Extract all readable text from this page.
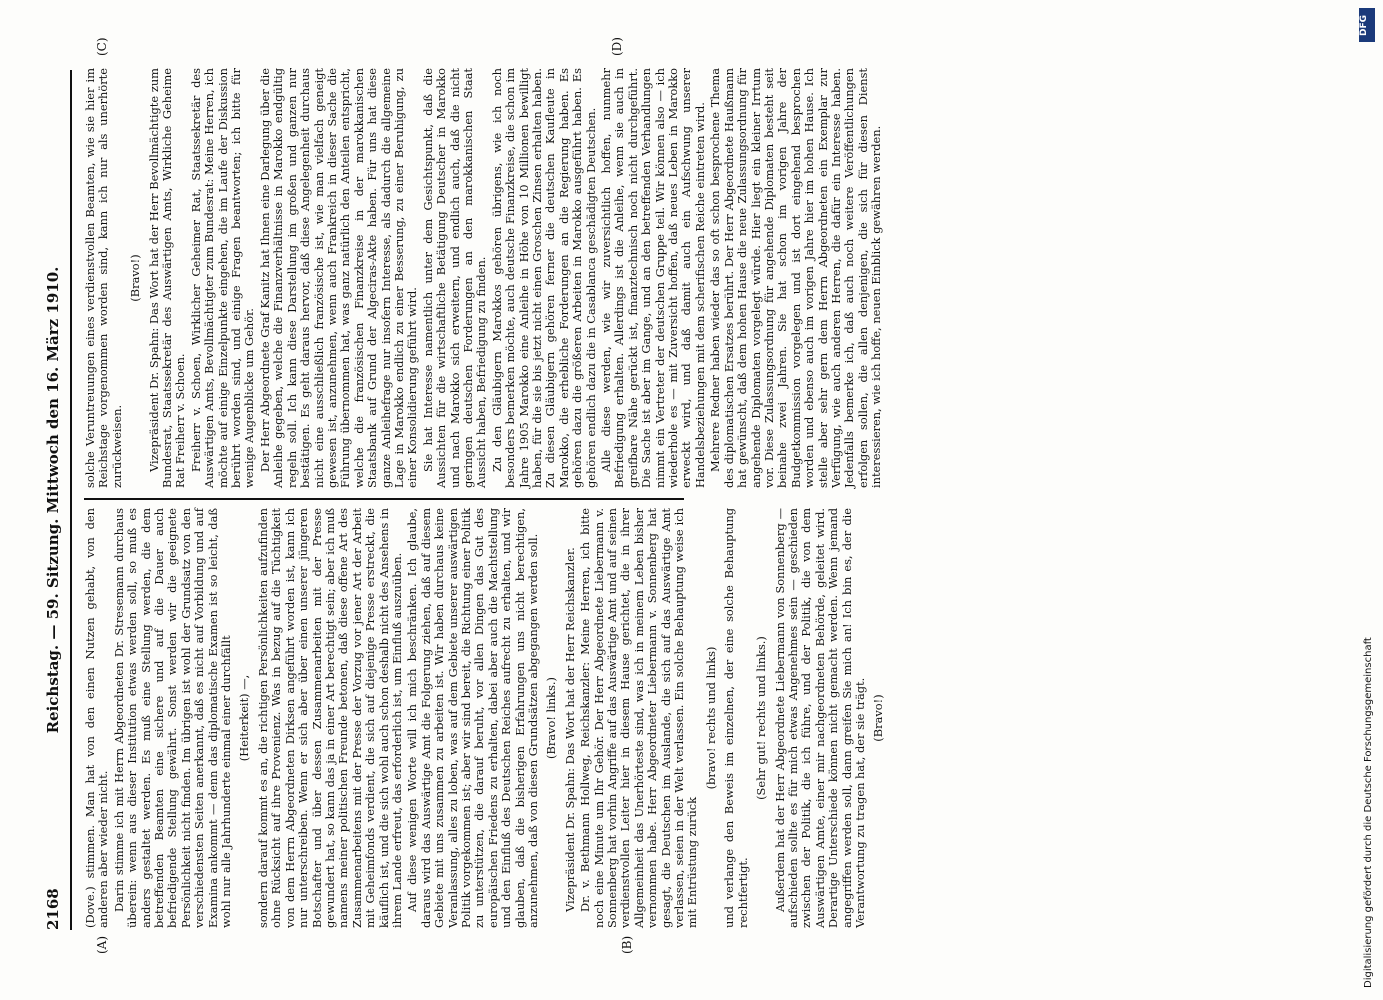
2168
Reichstag. — 59. Sitzung. Mittwoch den 16. März 1910.
(A)	(B)
(C)	(D)

(Dove.) stimmen. Man hat von den einen Nutzen gehabt, von den anderen aber wieder nicht. Darin stimme ich mit Herrn Abgeordneten Dr. Stresemann durchaus überein: wenn aus dieser Institution etwas werden soll, so muß es anders gestaltet werden. Es muß eine Stellung werden, die dem betreffenden Beamten eine sichere und auf die Dauer auch befriedigende Stellung gewährt. Sonst werden wir die geeignete Persönlichkeit nicht finden. Im übrigen ist wohl der Grundsatz von den verschiedensten Seiten anerkannt, daß es nicht auf Vorbildung und auf Examina ankommt — denn das diplomatische Examen ist so leicht, daß wohl nur alle Jahrhunderte einmal einer durchfällt (Heiterkeit) —, sondern darauf kommt es an, die richtigen Persönlichkeiten aufzufinden ohne Rücksicht auf ihre Provenienz. Was in bezug auf die Tüchtigkeit von dem Herrn Abgeordneten Dirksen angeführt worden ist, kann ich nur unterschreiben. Wenn er sich aber über einen unserer jüngeren Botschafter und über dessen Zusammenarbeiten mit der Presse gewundert hat, so kann das ja in einer Art berechtigt sein; aber ich muß namens meiner politischen Freunde betonen, daß diese offene Art des Zusammenarbeitens mit der Presse der Vorzug vor jener Art der Arbeit mit Geheimfonds verdient, die sich auf diejenige Presse erstreckt, die käuflich ist, und die sich wohl auch schon deshalb nicht des Ansehens in ihrem Lande erfreut, das erforderlich ist, um Einfluß auszuüben. Auf diese wenigen Worte will ich mich beschränken. Ich glaube, daraus wird das Auswärtige Amt die Folgerung ziehen, daß auf diesem Gebiete mit uns zusammen zu arbeiten ist. Wir haben durchaus keine Veranlassung, alles zu loben, was auf dem Gebiete unserer auswärtigen Politik vorgekommen ist; aber wir sind bereit, die Richtung einer Politik zu unterstützen, die darauf beruht, vor allen Dingen das Gut des europäischen Friedens zu erhalten, dabei aber auch die Machtstellung und den Einfluß des Deutschen Reiches aufrecht zu erhalten, und wir glauben, daß die bisherigen Erfahrungen uns nicht berechtigen, anzunehmen, daß von diesen Grundsätzen abgegangen werden soll. (Bravo! links.) Vizepräsident Dr. Spahn: Das Wort hat der Herr Reichskanzler. Dr. v. Bethmann Hollweg, Reichskanzler: Meine Herren, ich bitte noch eine Minute um Ihr Gehör. Der Herr Abgeordnete Liebermann v. Sonnenberg hat vorhin Angriffe auf das Auswärtige Amt und auf seinen verdienstvollen Leiter hier in diesem Hause gerichtet, die in ihrer Allgemeinheit das Unerhörteste sind, was ich in meinem Leben bisher vernommen habe. Herr Abgeordneter Liebermann v. Sonnenberg hat gesagt, die Deutschen im Auslande, die sich auf das Auswärtige Amt verlassen, seien in der Welt verlassen. Ein solche Behauptung weise ich mit Entrüstung zurück

(bravo! rechts und links) und verlange den Beweis im einzelnen, der eine solche Behauptung rechtfertigt.

(Sehr gut! rechts und links.) Außerdem hat der Herr Abgeordnete Liebermann von Sonnenberg — aufschieden sollte es für mich etwas Angenehmes sein — geschieden zwischen der Politik, die ich führe, und der Politik, die von dem Auswärtigen Amte, einer mir nachgeordneten Behörde, geleitet wird. Derartige Unterschiede können nicht gemacht werden. Wenn jemand angegriffen werden soll, dann greifen Sie mich an! Ich bin es, der die Verantwortung zu tragen hat, der sie trägt. (Bravo!)

solche Veruntreuungen eines verdienstvollen Beamten, wie sie hier im Reichstage vorgenommen worden sind, kann ich nur als unerhörte zurückweisen.

(Bravo!) Vizepräsident Dr. Spahn: Das Wort hat der Herr Bevollmächtigte zum Bundesrat, Staatssekretär des Auswärtigen Amts, Wirkliche Geheime Rat Freiherr v. Schoen. Freiherr v. Schoen, Wirklicher Geheimer Rat, Staatssekretär des Auswärtigen Amts, Bevollmächtigter zum Bundesrat: Meine Herren, ich möchte auf einige Einzelpunkte eingehen, die im Laufe der Diskussion berührt worden sind, und einige Fragen beantworten; ich bitte für wenige Augenblicke um Gehör. Der Herr Abgeordnete Graf Kanitz hat Ihnen eine Darlegung über die Anleihe gegeben, welche die Finanzverhältnisse in Marokko endgültig regeln soll. Ich kann diese Darstellung im großen und ganzen nur bestätigen. Es geht daraus hervor, daß diese Angelegenheit durchaus nicht eine ausschließlich französische ist, wie man vielfach geneigt gewesen ist, anzunehmen, wenn auch Frankreich in dieser Sache die Führung übernommen hat, was ganz natürlich den Anteilen entspricht, welche die französischen Finanzkreise in der marokkanischen Staatsbank auf Grund der Algeciras-Akte haben. Für uns hat diese ganze Anleihefrage nur insofern Interesse, als dadurch die allgemeine Lage in Marokko endlich zu einer Besserung, zu einer Beruhigung, zu einer Konsolidierung geführt wird. Sie hat Interesse namentlich unter dem Gesichtspunkt, daß die Aussichten für die wirtschaftliche Betätigung Deutscher in Marokko und nach Marokko sich erweitern, und endlich auch, daß die nicht geringen deutschen Forderungen an den marokkanischen Staat Aussicht haben, Befriedigung zu finden. Zu den Gläubigern Marokkos gehören übrigens, wie ich noch besonders bemerken möchte, auch deutsche Finanzkreise, die schon im Jahre 1905 Marokko eine Anleihe in Höhe von 10 Millionen bewilligt haben, für die sie bis jetzt nicht einen Groschen Zinsen erhalten haben. Zu diesen Gläubigern gehören ferner die deutschen Kaufleute in Marokko, die erhebliche Forderungen an die Regierung haben. Es gehören dazu die größeren Arbeiten in Marokko ausgeführt haben. Es gehören endlich dazu die in Casablanca geschädigten Deutschen. Alle diese werden, wie wir zuversichtlich hoffen, nunmehr Befriedigung erhalten. Allerdings ist die Anleihe, wenn sie auch in greifbare Nähe gerückt ist, finanztechnisch noch nicht durchgeführt. Die Sache ist aber im Gange, und an den betreffenden Verhandlungen nimmt ein Vertreter der deutschen Gruppe teil. Wir können also — ich wiederhole es — mit Zuversicht hoffen, daß neues Leben in Marokko erweckt wird, und daß damit auch ein Aufschwung unserer Handelsbeziehungen mit dem scherifischen Reiche eintreten wird. Mehrere Redner haben wieder das so oft schon besprochene Thema des diplomatischen Ersatzes berührt. Der Herr Abgeordnete Haußmann hat gewünscht, daß dem hohen Hause die neue Zulassungsordnung für angehende Diplomaten vorgelegt würde. Hier liegt ein kleiner Irrtum vor. Diese Zulassungsordnung für angehende Diplomaten besteht seit beinahe zwei Jahren. Sie hat schon im vorigen Jahre der Budgetkommission vorgelegen und ist dort eingehend besprochen worden und ebenso auch im vorigen Jahre hier im hohen Hause. Ich stelle aber sehr gern dem Herrn Abgeordneten ein Exemplar zur Verfügung, wie auch anderen Herren, die dafür ein Interesse haben. Jedenfalls bemerke ich, daß auch noch weitere Veröffentlichungen erfolgen sollen, die allen denjenigen, die sich für diesen Dienst interessieren, wie ich hoffe, neuen Einblick gewähren werden.

DFG
Digitalisierung gefördert durch die Deutsche Forschungsgemeinschaft
